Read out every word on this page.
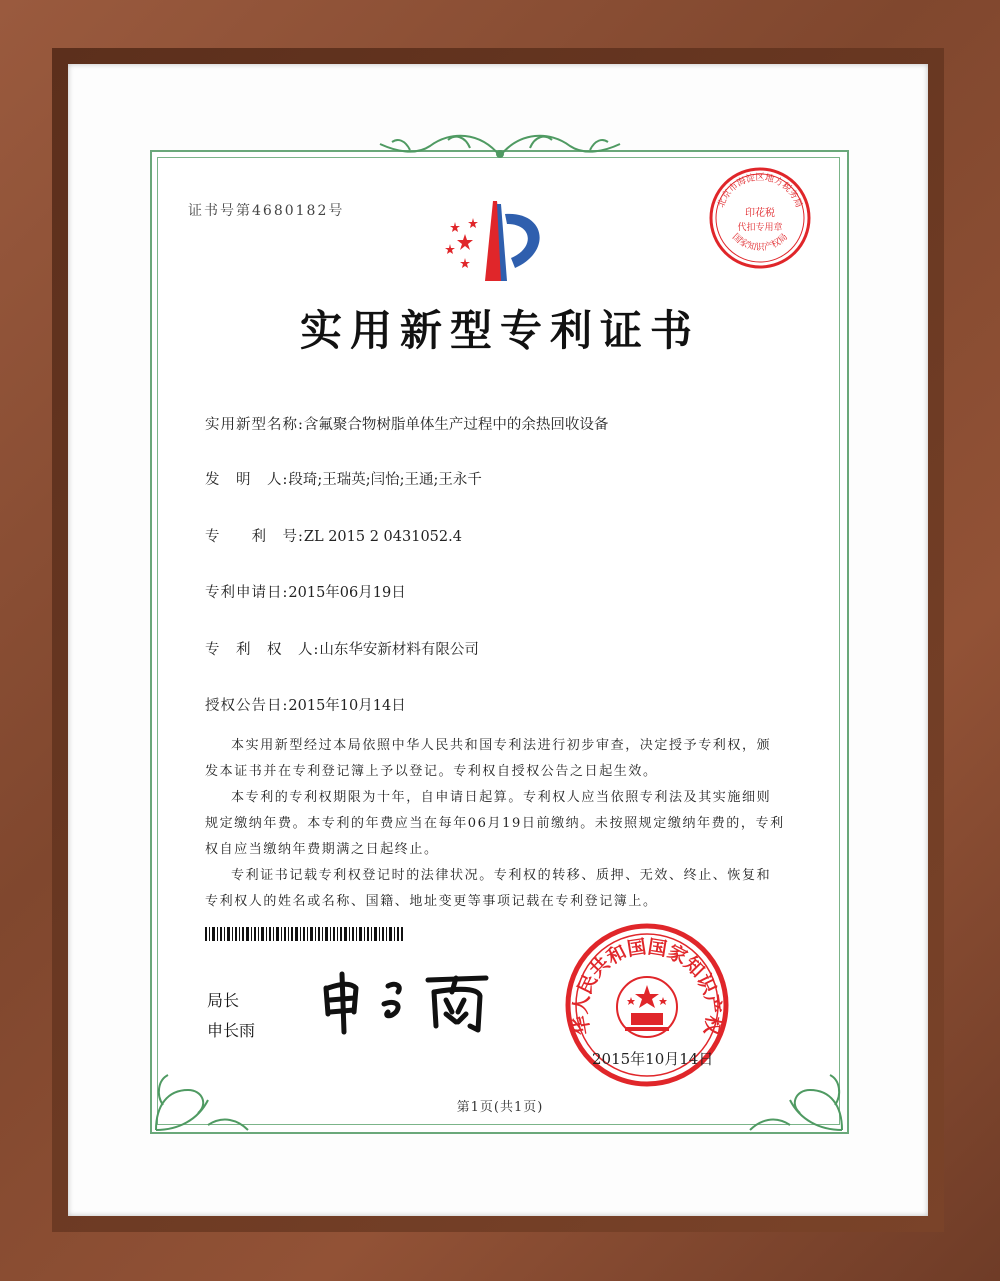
证书号第4680182号	北京市海淀区地方税务局
国家知识产权局
印花税
代扣专用章
实用新型专利证书
实用新型名称:含氟聚合物树脂单体生产过程中的余热回收设备
发　明　人:段琦;王瑞英;闫怡;王通;王永千
专　　利　号:ZL 2015 2 0431052.4
专利申请日:2015年06月19日
专　利　权　人:山东华安新材料有限公司
授权公告日:2015年10月14日
本实用新型经过本局依照中华人民共和国专利法进行初步审查，决定授予专利权，颁发本证书并在专利登记簿上予以登记。专利权自授权公告之日起生效。
本专利的专利权期限为十年，自申请日起算。专利权人应当依照专利法及其实施细则规定缴纳年费。本专利的年费应当在每年06月19日前缴纳。未按照规定缴纳年费的，专利权自应当缴纳年费期满之日起终止。
专利证书记载专利权登记时的法律状况。专利权的转移、质押、无效、终止、恢复和专利权人的姓名或名称、国籍、地址变更等事项记载在专利登记簿上。
局长
申长雨	华人民共和国国家知识产权
2015年10月14日
第1页(共1页)
